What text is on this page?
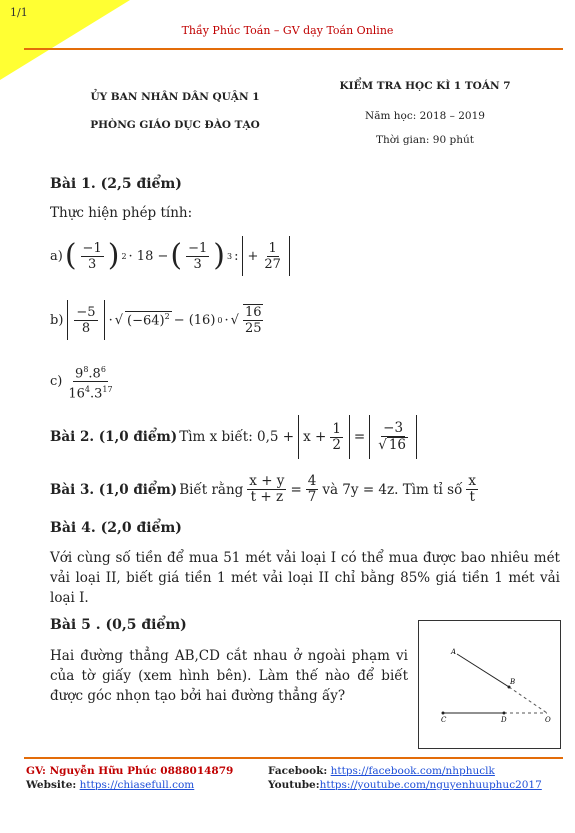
1/1
Thầy Phúc Toán – GV dạy Toán Online
ỦY BAN NHÂN DÂN QUẬN 1
PHÒNG GIÁO DỤC ĐÀO TẠO
KIỂM TRA HỌC KÌ 1 TOÁN 7
Năm học: 2018 – 2019
Thời gian: 90 phút
Bài 1. (2,5 điểm)
Thực hiện phép tính:
a) ( $\frac{-1}{3}$ ) 2 · 18 − ( $\frac{-1}{3}$ ) 3 : + $\frac{1}{27}$
$b) \frac{-5}{8}$ · √ $(-64)^2 - (16) 0$ · √ $\frac{16}{25}$
$c) \frac{9^8.8^6}{16^4.3^{17}}$
Bài 2. (1,0 điểm) Tìm x biết: $0,5 + x + \frac{1}{2} = \frac{-3}{√ 16}$
Bài 3. (1,0 điểm) Biết rằng $\frac{x + y}{t + z} = \frac{4}{7}$ và 7y = 4z. Tìm tỉ số $\frac{x}{t}$
Bài 4. (2,0 điểm)
Với cùng số tiền để mua 51 mét vải loại I có thể mua được bao nhiêu mét vải loại II, biết giá tiền 1 mét vải loại II chỉ bằng 85% giá tiền 1 mét vải loại I.
Bài 5 . (0,5 điểm)
Hai đường thẳng AB,CD cắt nhau ở ngoài phạm vi của tờ giấy (xem hình bên). Làm thế nào để biết được góc nhọn tạo bởi hai đường thẳng ấy?
A
B
C	D	O
GV: Nguyễn Hữu Phúc 0888014879
Website: https://chiasefull.com
Facebook: https://facebook.com/nhphuclk
Youtube:https://youtube.com/nguyenhuuphuc2017
